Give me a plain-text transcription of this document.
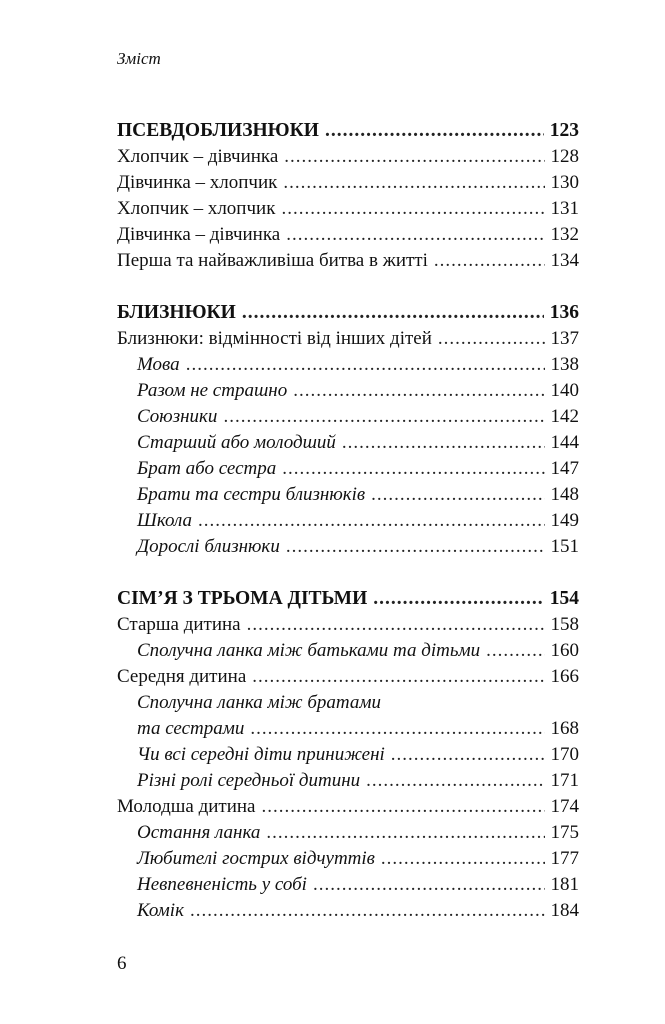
Зміст
ПСЕВДОБЛИЗНЮКИ .....	123
Хлопчик – дівчинка .....	128
Дівчинка – хлопчик .....	130
Хлопчик – хлопчик .....	131
Дівчинка – дівчинка .....	132
Перша та найважливіша битва в житті .....	134
БЛИЗНЮКИ .....	136
Близнюки: відмінності від інших дітей .....	137
Мова .....	138
Разом не страшно .....	140
Союзники .....	142
Старший або молодший .....	144
Брат або сестра .....	147
Брати та сестри близнюків .....	148
Школа .....	149
Дорослі близнюки .....	151
СІМ’Я З ТРЬОМА ДІТЬМИ .....	154
Старша дитина .....	158
Сполучна ланка між батьками та дітьми .....	160
Середня дитина .....	166
Сполучна ланка між братами
та сестрами .....	168
Чи всі середні діти принижені .....	170
Різні ролі середньої дитини .....	171
Молодша дитина .....	174
Остання ланка .....	175
Любителі гострих відчуттів .....	177
Невпевненість у собі .....	181
Комік .....	184
6
